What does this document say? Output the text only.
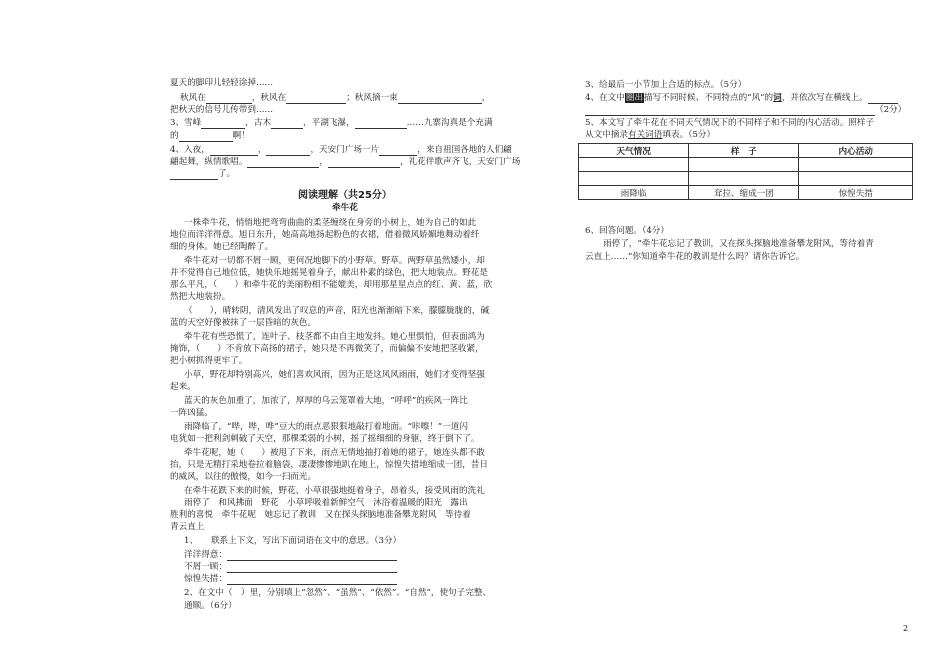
夏天的脚印儿轻轻涂掉……
秋风在	，秋风在	；秋风摘一束	，
把秋天的信号儿传带到……
3、雪峰	，古木	，平湖飞瀑，	……九寨沟真是个充满
的	啊！
4、入夜，	，	，天安门广场一片	，来自祖国各地的人们翩
翩起舞，纵情歌唱。	，	，礼花伴歌声齐飞，天安门广场
了。
阅读理解（共25分）
牵牛花
一株牵牛花，悄悄地把弯弯曲曲的柔茎缠绕在身旁的小树上，她为自己的如此
地位而洋洋得意。旭日东升，她高高地扬起粉色的衣裙，借着微风娇媚地舞动着纤
细的身体。她已经陶醉了。
牵牛花对一切都不屑一顾，更何况地脚下的小野草。野草。两野草虽然矮小，却
并不觉得自己地位低，她快乐地摇晃着身子，献出朴素的绿色，把大地装点。野花是
那么平凡，（　　）和牵牛花的美丽粉相不能媲美，却用那星星点点的红、黄、蓝，欣
然把大地装扮。
（　　），晴转阴，清风发出了叹息的声音，阳光也渐渐暗下来，朦朦胧胧的，碱
蓝的天空好像被抹了一层昏暗的灰色。
牵牛花有些恐慌了，连叶子、枝茎都不由自主地发抖。她心里惧怕，但表面鸿为
掩饰，（　　）不肯放下高扬的裙子，她只是不再微笑了，而偏偏不安地把茎收紧，
把小树抓得更牢了。
小草，野花却特别高兴，她们喜欢风雨，因为正是这风风雨雨，她们才变得坚强
起来。
蓝天的灰色加重了，加浓了，厚厚的乌云笼罩着大地，“呼呼”的疾风一阵比
一阵凶猛。
雨降临了，“哗，哗，哗”豆大的雨点恶狠狠地敲打着地面。“咔嚓！”一道闪
电犹如一把利剑刺破了天空，那棵柔弱的小树，摇了摇细细的身躯，终于倒下了。
牵牛花呢，她（　　）被甩了下来，雨点无情地抽打着她的裙子，她连头都不敢
抬，只是无精打采地卷拉着脑袋，凄凄惨惨地趴在地上，惊惶失措地缩成一团，昔日
的威风，以往的傲慢，如今一扫而光。
在牵牛花跌下来的时候，野花，小草很强地挺着身子，昂着头，接受风雨的洗礼
雨停了　和风拂面　野花　小草呼吸着新鲜空气　沐浴着温暖的阳光　露出
胜利的喜悦　牵牛花呢　她忘记了教训　又在探头探脑地准备攀龙附风　等待着
青云直上
1、　　联系上下文，写出下面词语在文中的意思。（3分）
洋洋得意：
不屑一顾：
惊惶失措：
2、在文中（　）里，分别填上“忽然”、“虽然”、“依然”、“自然”，使句子完整、
通顺。（6分）
3、给最后一小节加上合适的标点。（5分）
4、在文中圈出描写不同时候、不同特点的“风”的词，并依次写在横线上。
（2分）
5、本文写了牵牛花在不同天气情况下的不同样子和不同的内心活动。照样子
从文中摘录有关词语填表。（5分）
天气情况	样　子	内心活动

雨降临	耷拉、缩成一团	惊惶失措
6、回答问题。（4分）
雨停了，“牵牛花忘记了教训，又在探头探脑地准备攀龙附风，等待着青
云直上……”你知道牵牛花的教训是什么吗？请你告诉它。
2
